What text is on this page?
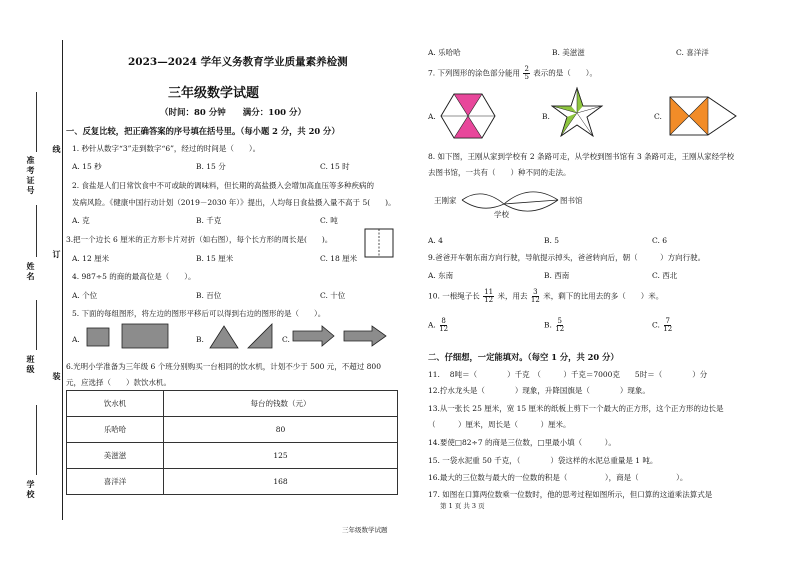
准考证号
线
姓名
订
班级
装
学校
2023—2024 学年义务教育学业质量素养检测
三年级数学试题
（时间：80 分钟　　满分：100 分）
一、反复比较，把正确答案的序号填在括号里。（每小题 2 分，共 20 分）
1. 秒针从数字“3”走到数字“6”，经过的时间是（　　）。
A. 15 秒	B. 15 分	C. 15 时
2. 食盐是人们日常饮食中不可或缺的调味料，但长期的高盐摄入会增加高血压等多种疾病的
发病风险。《健康中国行动计划（2019－2030 年）》提出，人均每日食盐摄入量不高于 5(　　)。
A. 克	B. 千克	C. 吨
3.把一个边长 6 厘米的正方形卡片对折（如右图），每个长方形的周长是(　　)。
A. 12 厘米	B. 15 厘米	C. 18 厘米
4. 987÷5 的商的最高位是（　　）。
A. 个位	B. 百位	C. 十位
5. 下面的每组图形，将左边的图形平移后可以得到右边的图形的是（　　）。
A.	B.	C.
6.光明小学准备为三年级 6 个班分别购买一台相同的饮水机，计划不少于 500 元，不超过 800
元，应选择（　　）款饮水机。
饮水机	每台的钱数（元）
乐哈哈	80
美滋滋	125
喜洋洋	168
三年级数学试题
A. 乐哈哈	B. 美滋滋	C. 喜洋洋
7. 下列图形的涂色部分能用 $\frac{2}{5}$ 表示的是（　　）。
A.	B.	C.
8. 如下图，王刚从家到学校有 2 条路可走，从学校到图书馆有 3 条路可走，王刚从家经学校
去图书馆，一共有（　　）种不同的走法。
王刚家
学校
图书馆
A. 4	B. 5	C. 6
9.爸爸开车朝东南方向行驶，导航提示掉头，爸爸转向后，朝（　　　）方向行驶。
A. 东南	B. 西南	C. 西北
10. 一根绳子长 $\frac{11}{12}$ 米，用去 $\frac{3}{12}$ 米，剩下的比用去的多（　　）米。
A. $\frac{8}{12}$	B. $\frac{5}{12}$	C. $\frac{7}{12}$
二、仔细想，一定能填对。（每空 1 分，共 20 分）
11.　 8吨＝（　　　　）千克　（　　　）千克＝7000克　　5时＝（　　　　）分
12.拧水龙头是（　　　　）现象，升降国旗是（　　　　）现象。
13.从一张长 25 厘米，宽 15 厘米的纸板上剪下一个最大的正方形，这个正方形的边长是
（　　　）厘米，周长是（　　　）厘米。
14.要使□82÷7 的商是三位数，□里最小填（　　　）。
15. 一袋水泥重 50 千克，（　　　　）袋这样的水泥总重量是 1 吨。
16.最大的三位数与最大的一位数的积是（　　　　　），商是（　　　　　）。
17. 如图在口算两位数乘一位数时，他的思考过程如图所示，但口算的这道乘法算式是
第 1 页 共 3 页
